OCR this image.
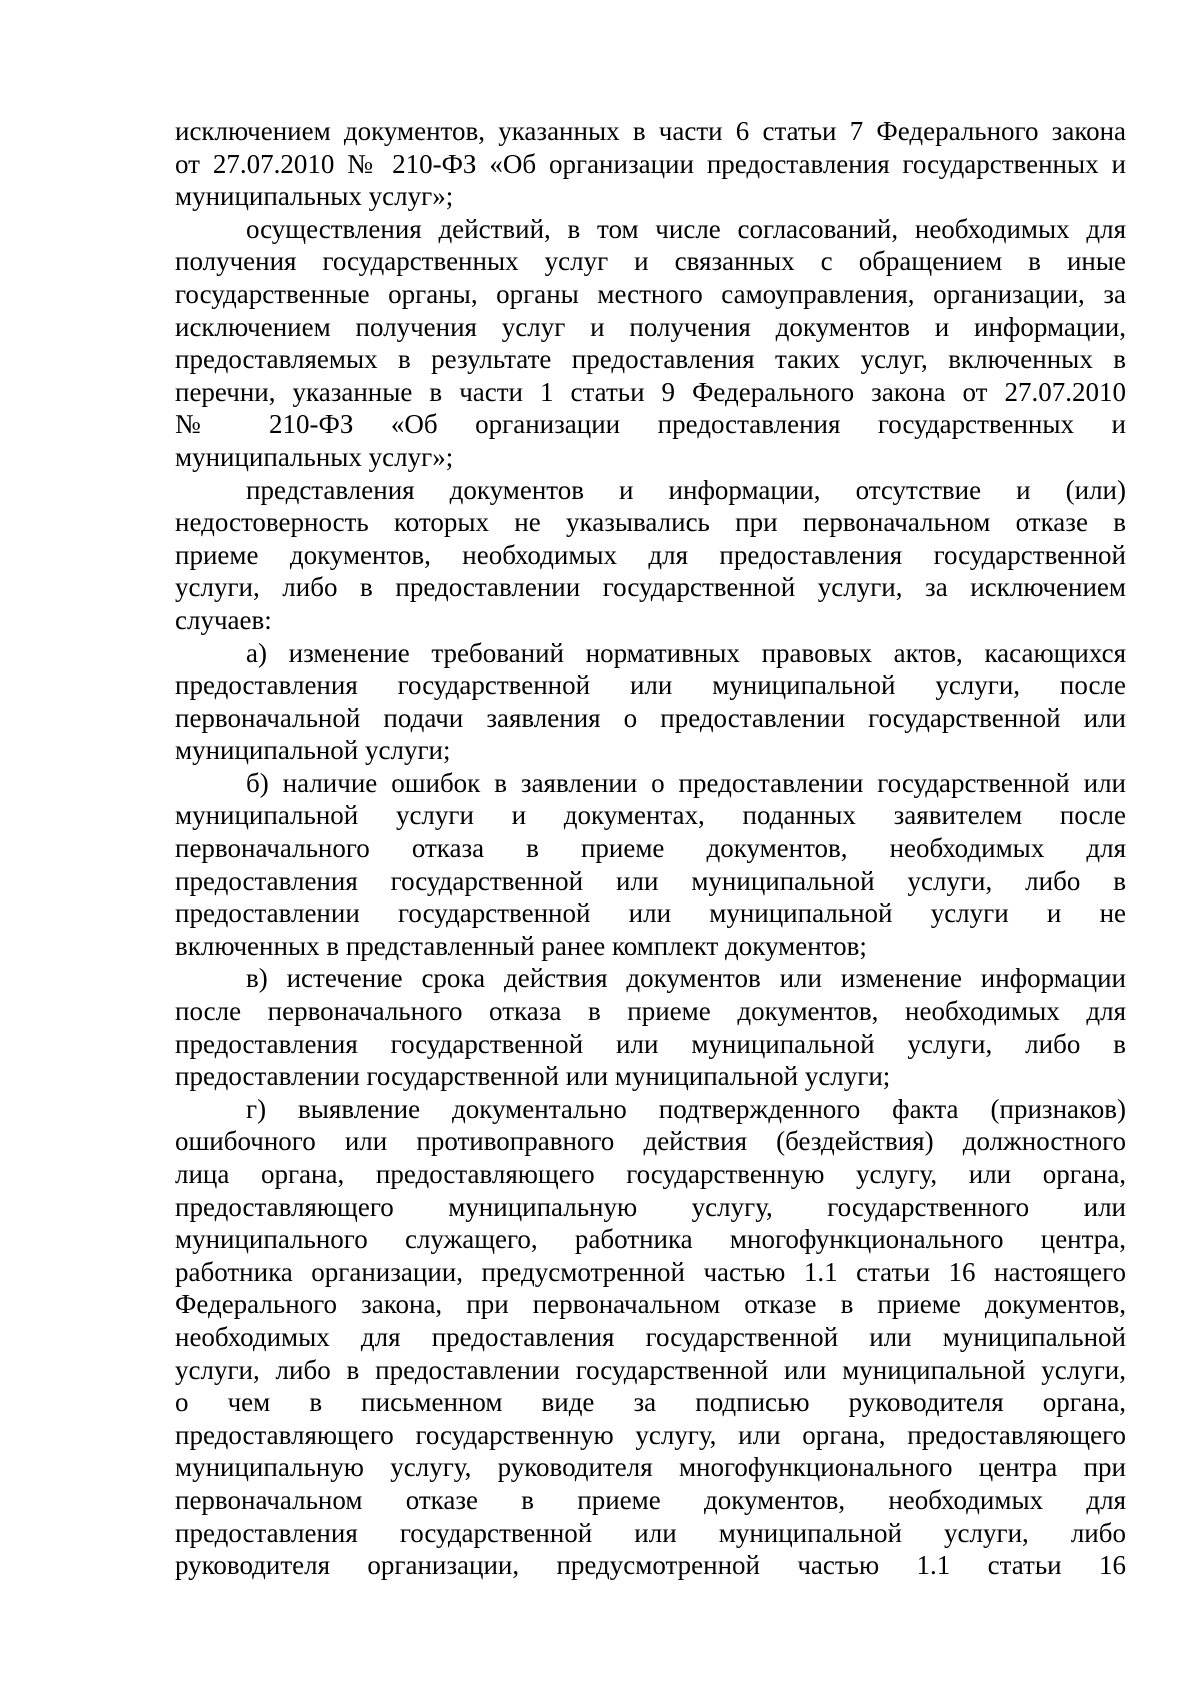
исключением документов, указанных в части 6 статьи 7 Федерального закона
от 27.07.2010 № 210-ФЗ «Об организации предоставления государственных и
муниципальных услуг»;
осуществления действий, в том числе согласований, необходимых для
получения государственных услуг и связанных с обращением в иные
государственные органы, органы местного самоуправления, организации, за
исключением получения услуг и получения документов и информации,
предоставляемых в результате предоставления таких услуг, включенных в
перечни, указанные в части 1 статьи 9 Федерального закона от 27.07.2010
№ 210-ФЗ «Об организации предоставления государственных и
муниципальных услуг»;
представления документов и информации, отсутствие и (или)
недостоверность которых не указывались при первоначальном отказе в
приеме документов, необходимых для предоставления государственной
услуги, либо в предоставлении государственной услуги, за исключением
случаев:
а) изменение требований нормативных правовых актов, касающихся
предоставления государственной или муниципальной услуги, после
первоначальной подачи заявления о предоставлении государственной или
муниципальной услуги;
б) наличие ошибок в заявлении о предоставлении государственной или
муниципальной услуги и документах, поданных заявителем после
первоначального отказа в приеме документов, необходимых для
предоставления государственной или муниципальной услуги, либо в
предоставлении государственной или муниципальной услуги и не
включенных в представленный ранее комплект документов;
в) истечение срока действия документов или изменение информации
после первоначального отказа в приеме документов, необходимых для
предоставления государственной или муниципальной услуги, либо в
предоставлении государственной или муниципальной услуги;
г) выявление документально подтвержденного факта (признаков)
ошибочного или противоправного действия (бездействия) должностного
лица органа, предоставляющего государственную услугу, или органа,
предоставляющего муниципальную услугу, государственного или
муниципального служащего, работника многофункционального центра,
работника организации, предусмотренной частью 1.1 статьи 16 настоящего
Федерального закона, при первоначальном отказе в приеме документов,
необходимых для предоставления государственной или муниципальной
услуги, либо в предоставлении государственной или муниципальной услуги,
о чем в письменном виде за подписью руководителя органа,
предоставляющего государственную услугу, или органа, предоставляющего
муниципальную услугу, руководителя многофункционального центра при
первоначальном отказе в приеме документов, необходимых для
предоставления государственной или муниципальной услуги, либо
руководителя организации, предусмотренной частью 1.1 статьи 16
